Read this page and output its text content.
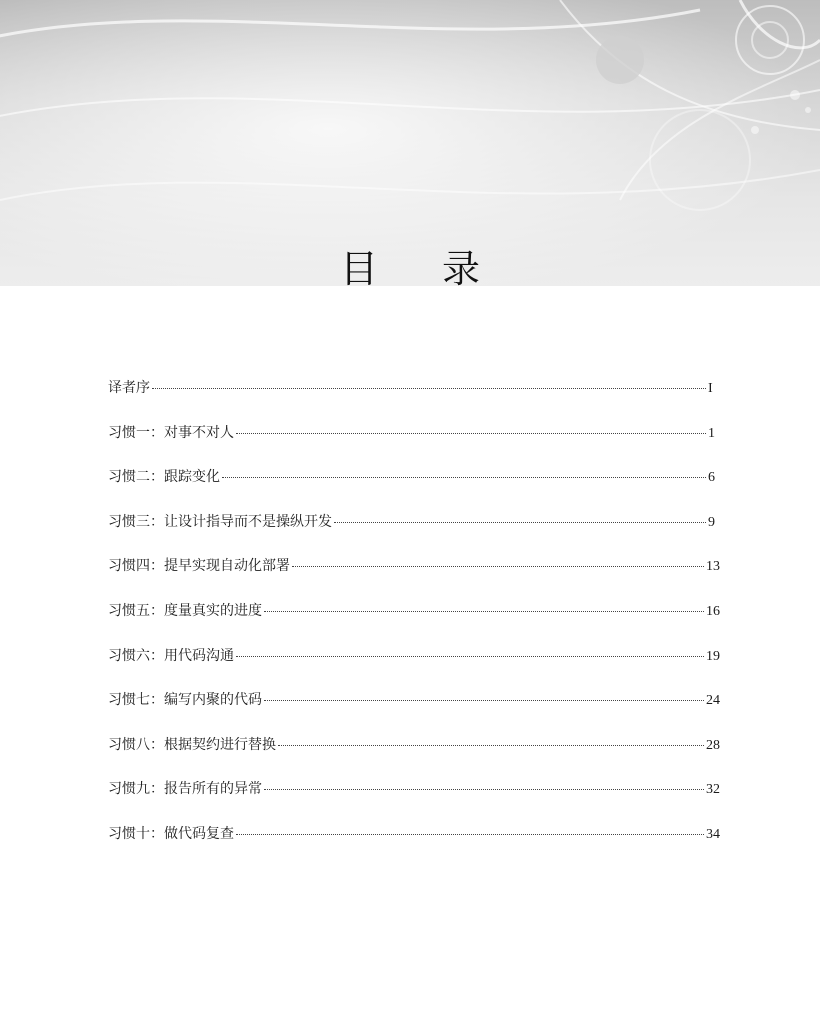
目 录
译者序	I
习惯一：对事不对人	1
习惯二：跟踪变化	6
习惯三：让设计指导而不是操纵开发	9
习惯四：提早实现自动化部署	13
习惯五：度量真实的进度	16
习惯六：用代码沟通	19
习惯七：编写内聚的代码	24
习惯八：根据契约进行替换	28
习惯九：报告所有的异常	32
习惯十：做代码复查	34
